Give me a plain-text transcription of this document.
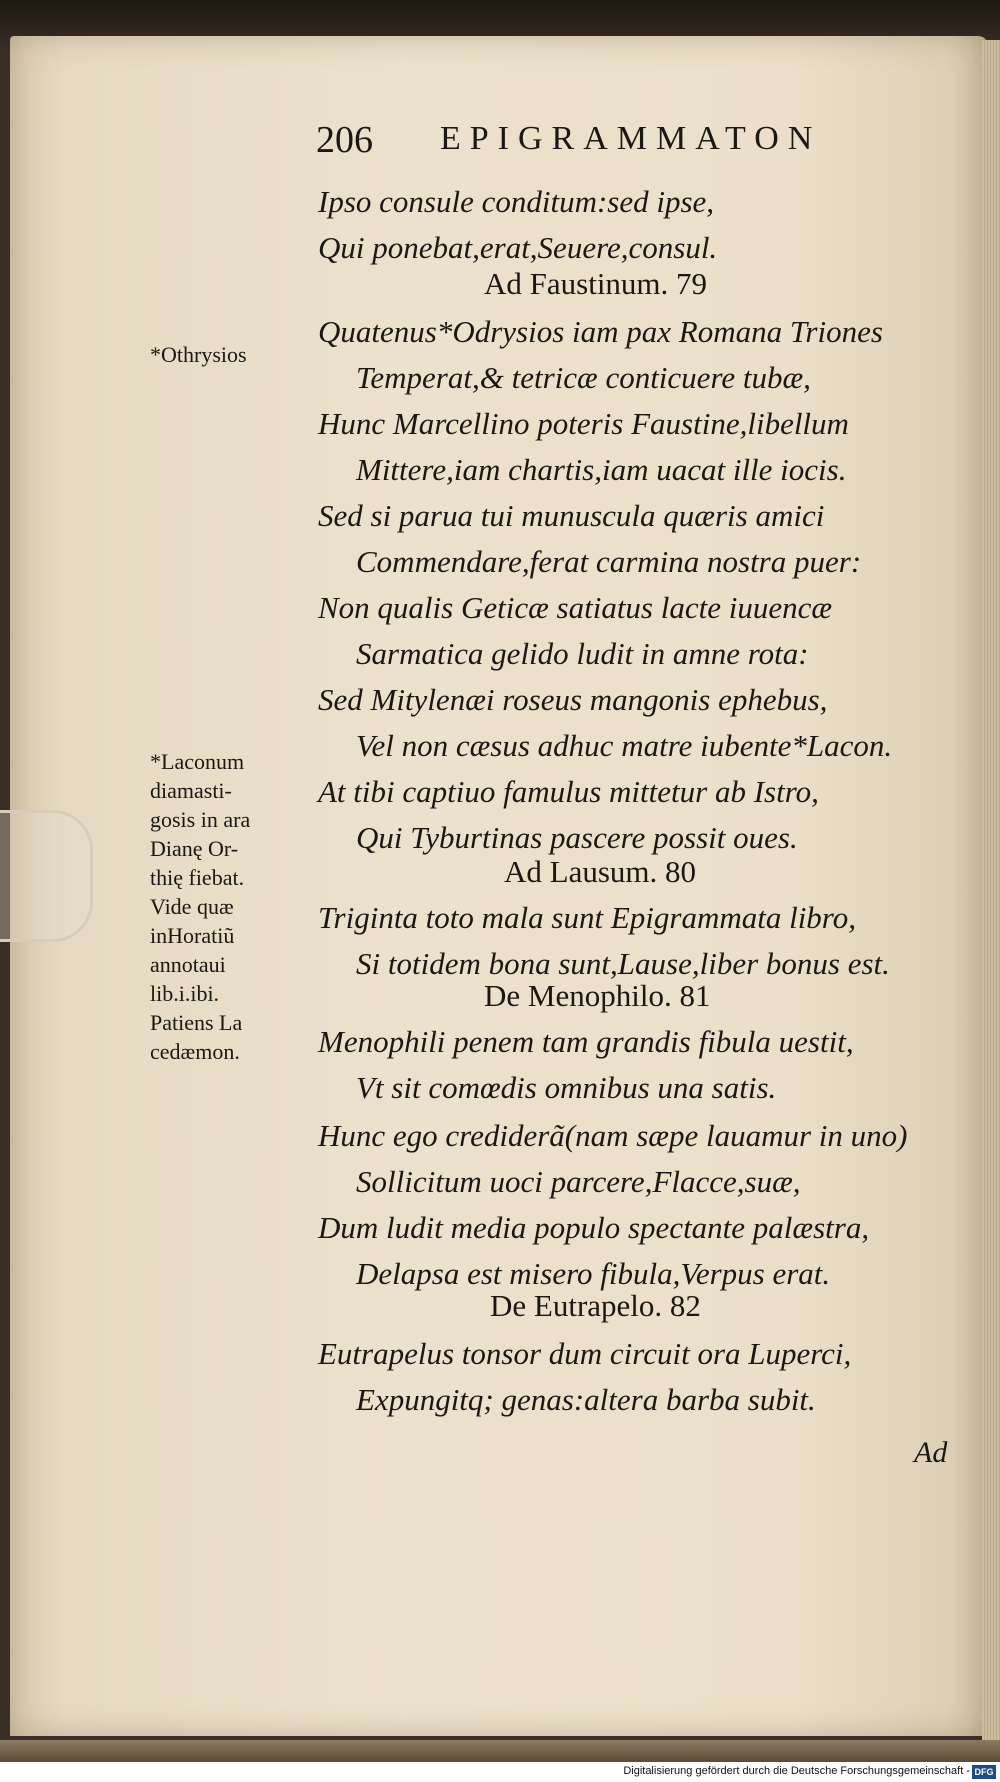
206 EPIGRAMMATON
Ipso consule conditum:sed ipse,
Qui ponebat,erat,Seuere,consul.
Ad Faustinum. 79
Quatenus*Odrysios iam pax Romana Triones
Temperat,& tetricæ conticuere tubæ,
Hunc Marcellino poteris Faustine,libellum
Mittere,iam chartis,iam uacat ille iocis.
Sed si parua tui munuscula quæris amici
Commendare,ferat carmina nostra puer:
Non qualis Geticæ satiatus lacte iuuencæ
Sarmatica gelido ludit in amne rota:
Sed Mitylenæi roseus mangonis ephebus,
Vel non cæsus adhuc matre iubente*Lacon.
At tibi captiuo famulus mittetur ab Istro,
Qui Tyburtinas pascere possit oues.
Ad Lausum. 80
Triginta toto mala sunt Epigrammata libro,
Si totidem bona sunt,Lause,liber bonus est.
De Menophilo. 81
Menophili penem tam grandis fibula uestit,
Vt sit comœdis omnibus una satis.
Hunc ego crediderã(nam sæpe lauamur in uno)
Sollicitum uoci parcere,Flacce,suæ,
Dum ludit media populo spectante palæstra,
Delapsa est misero fibula,Verpus erat.
De Eutrapelo. 82
Eutrapelus tonsor dum circuit ora Luperci,
Expungitq; genas:altera barba subit.
*Othrysios
*Laconum
diamasti-
gosis in ara
Dianę Or-
thię fiebat.
Vide quæ
inHoratiũ
annotaui
lib.i.ibi.
Patiens La
cedæmon.
Ad
Digitalisierung gefördert durch die Deutsche Forschungsgemeinschaft - DFG
